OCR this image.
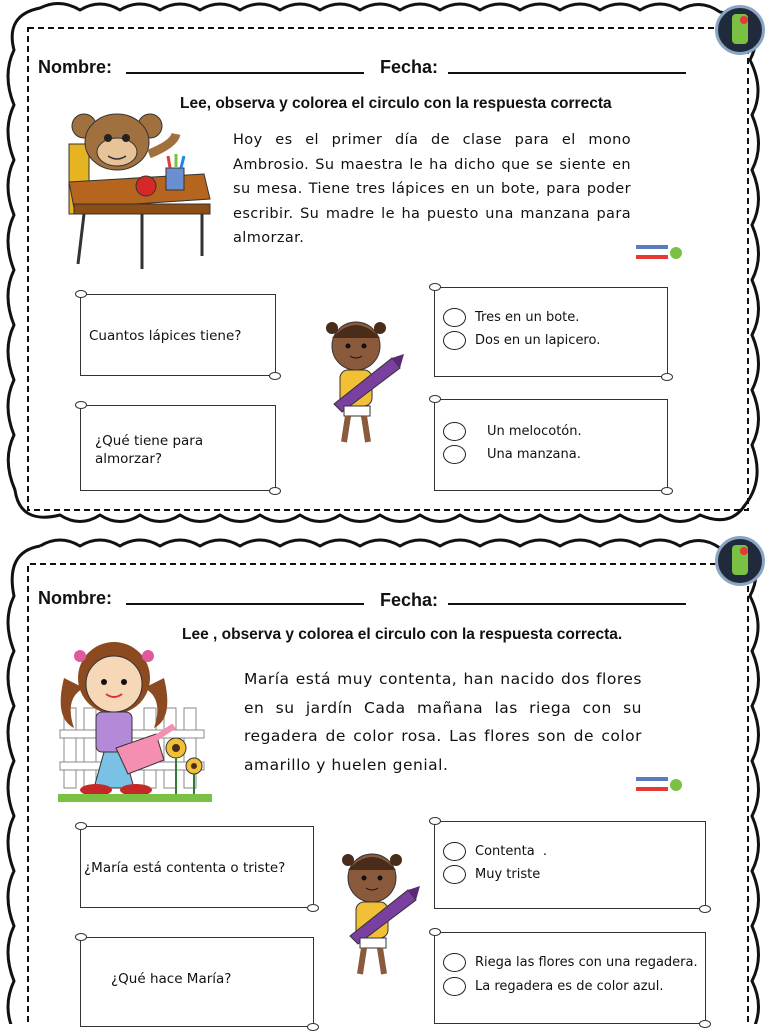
Nombre:	Fecha:
Lee, observa y colorea el circulo con la respuesta correcta

Hoy es el primer día de clase para el mono Ambrosio. Su maestra le ha dicho que se siente en su mesa. Tiene tres lápices en un bote, para poder escribir. Su madre le ha puesto una manzana para almorzar.

Cuantos lápices tiene?
¿Qué tiene para almorzar?
Tres en un bote.
Dos en un lapicero.
Un melocotón.
Una manzana.
Nombre:	Fecha:
Lee , observa y colorea el circulo con la respuesta correcta.

María está muy contenta, han nacido dos flores en su jardín Cada mañana las riega con su regadera de color rosa. Las flores son de color amarillo y huelen genial.

¿María está contenta o triste?
¿Qué hace María?
Contenta  .
Muy triste
Riega las flores con una regadera.
La regadera es de color azul.
